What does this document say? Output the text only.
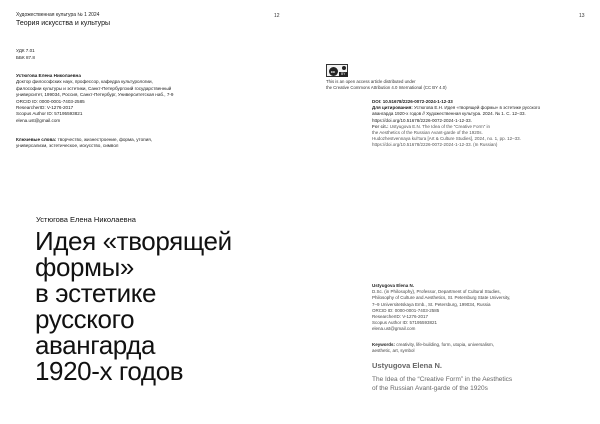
Художественная культура № 1 2024
Теория искусства и культуры
12	13
УДК 7.01
ББК 87.8
Устюгова Елена Николаевна
Доктор философских наук, профессор, кафедра культурологии,
философии культуры и эстетики, Санкт-Петербургский государственный
университет, 199034, Россия, Санкт-Петербург, Университетская наб., 7-9
ORCID ID: 0000-0001-7403-2585
ResearcherID: V-1276-2017
Scopus Author ID: 57195593821
elena.ust@gmail.com
Ключевые слова: творчество, жизнестроение, форма, утопия,
универсализм, эстетическое, искусство, символ
cc
BY
This is an open access article distributed under
the Creative Commons Attribution 4.0 International (CC BY 4.0)
DOI: 10.51678/2226-0072-2024-1-12-33
Для цитирования: Устюгова Е.Н. Идея «творящей формы» в эстетике русского
авангарда 1920-х годов // Художественная культура. 2024. № 1. С. 12–33.
https://doi.org/10.51678/2226-0072-2024-1-12-33.
For cit.: Ustyugova E.N. The Idea of the “Creative Form” in
the Aesthetics of the Russian Avant-garde of the 1920s.
Hudozhestvennaya kul’tura [Art & Culture Studies], 2024, no. 1, pp. 12–33.
https://doi.org/10.51678/2226-0072-2024-1-12-33. (In Russian)
Устюгова Елена Николаевна
Идея «творящей
формы»
в эстетике
русского
авангарда
1920-х годов
Ustyugova Elena N.
D.Sc. (in Philosophy), Professor, Department of Cultural Studies,
Philosophy of Culture and Aesthetics, St. Petersburg State University,
7–9 Universitetskaya Emb., St. Petersburg, 199034, Russia
ORCID ID: 0000-0001-7403-2585
ResearcherID: V-1276-2017
Scopus Author ID: 57195593821
elena.ust@gmail.com
Keywords: creativity, life-building, form, utopia, universalism,
aesthetic, art, symbol
Ustyugova Elena N.
The Idea of the “Creative Form” in the Aesthetics
of the Russian Avant-garde of the 1920s
